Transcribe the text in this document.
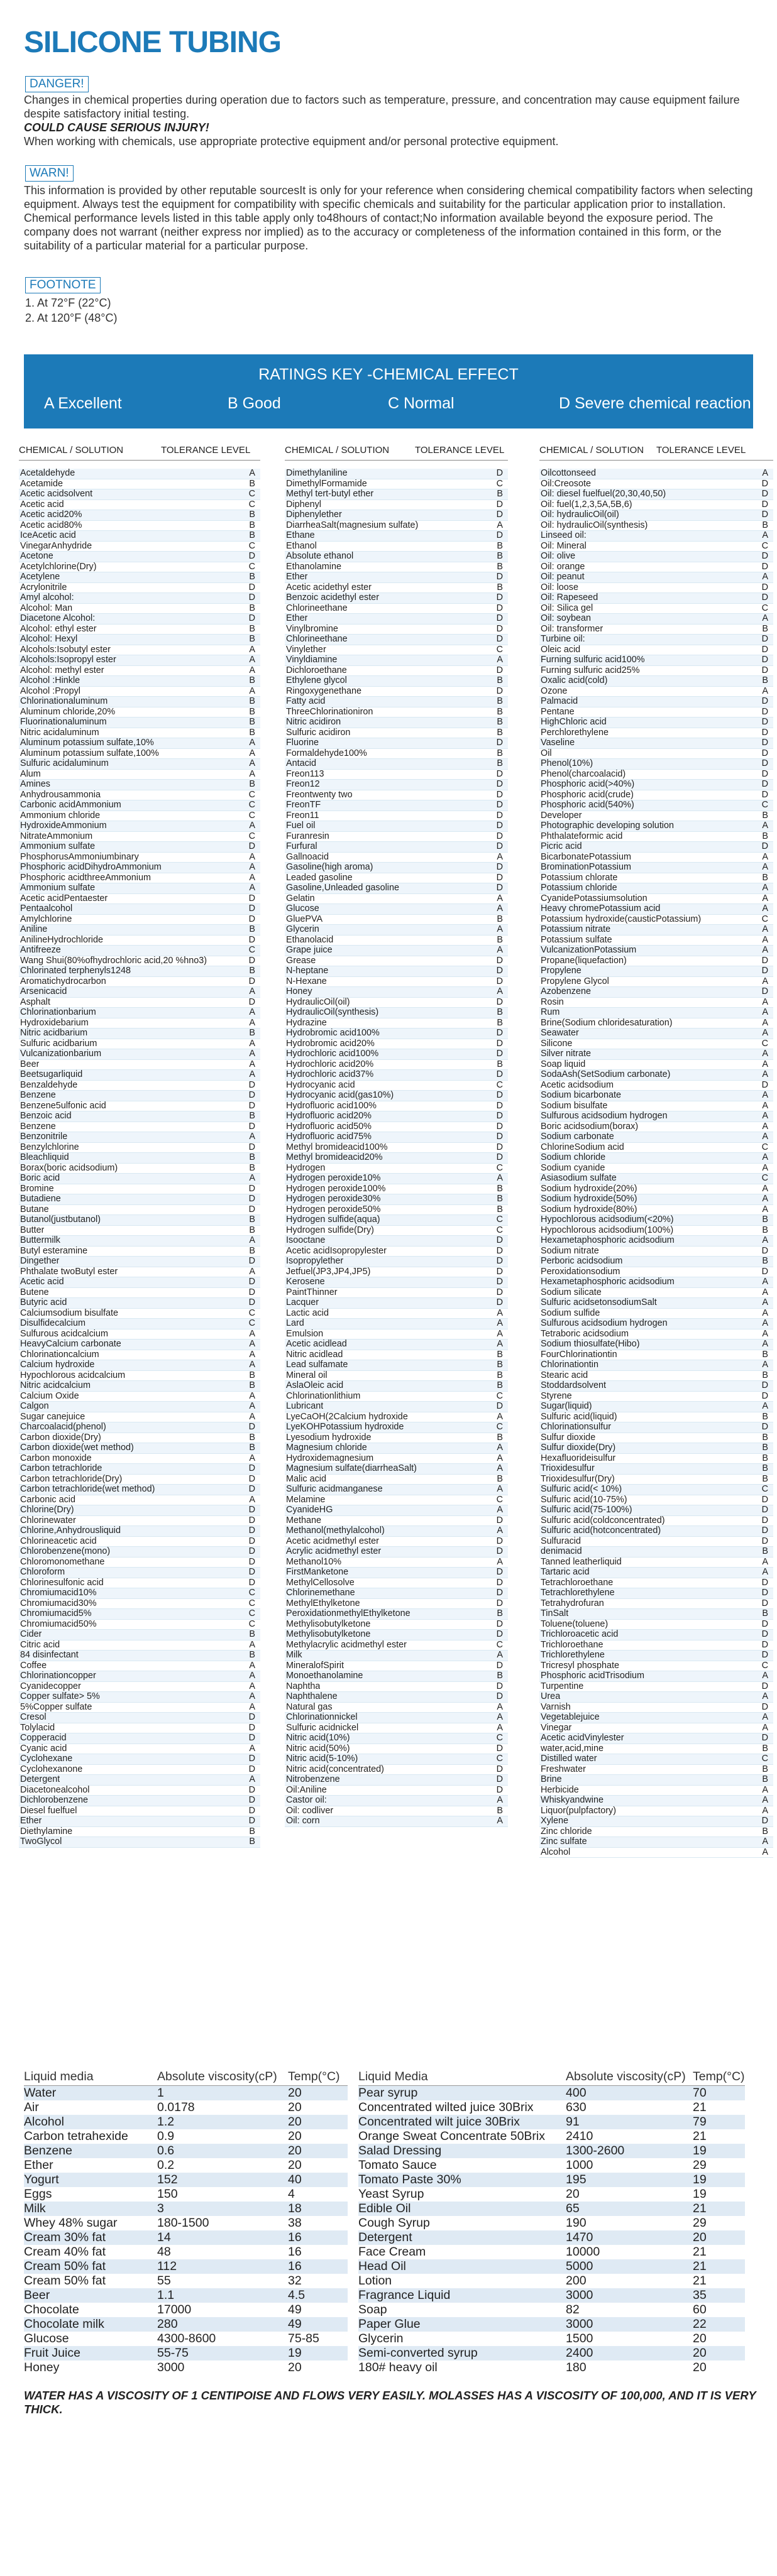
SILICONE TUBING
DANGER!
Changes in chemical properties during operation due to factors such as temperature, pressure, and concentration may cause equipment failure despite satisfactory initial testing.
COULD CAUSE SERIOUS INJURY!
When working with chemicals, use appropriate protective equipment and/or personal protective equipment.
WARN!
This information is provided by other reputable sourcesIt is only for your reference when considering chemical compatibility factors when selecting equipment. Always test the equipment for compatibility with specific chemicals and suitability for the particular application prior to installation. Chemical performance levels listed in this table apply only to48hours of contact;No information available beyond the exposure period. The company does not warrant (neither express nor implied) as to the accuracy or completeness of the information contained in this form, or the suitability of a particular material for a particular purpose.
FOOTNOTE
1. At 72°F (22°C)
2. At 120°F (48°C)
RATINGS KEY -CHEMICAL EFFECT
A Excellent	B Good	C Normal	D Severe chemical reaction
CHEMICAL / SOLUTION	TOLERANCE LEVEL	CHEMICAL / SOLUTION	TOLERANCE LEVEL	CHEMICAL / SOLUTION TOLERANCE LEVEL
Acetaldehyde	A
Acetamide	B
Acetic acidsolvent	C
Acetic acid	C
Acetic acid20%	B
Acetic acid80%	B
IceAcetic acid	B
VinegarAnhydride	C
Acetone	D
Acetylchlorine(Dry)	C
Acetylene	B
Acrylonitrile	D
Amyl alcohol:	D
Alcohol: Man	B
Diacetone Alcohol:	D
Alcohol: ethyl ester	B
Alcohol: Hexyl	B
Alcohols:Isobutyl ester	A
Alcohols:Isopropyl ester	A
Alcohol: methyl ester	A
Alcohol :Hinkle	B
Alcohol :Propyl	A
Chlorinationaluminum	B
Aluminum chloride,20%	B
Fluorinationaluminum	B
Nitric acidaluminum	B
Aluminum potassium sulfate,10%	A
Aluminum potassium sulfate,100%	A
Sulfuric acidaluminum	A
Alum	A
Amines	B
Anhydrousammonia	C
Carbonic acidAmmonium	C
Ammonium chloride	C
HydroxideAmmonium	A
NitrateAmmonium	C
Ammonium sulfate	D
PhosphorusAmmoniumbinary	A
Phosphoric acidDihydroAmmonium	A
Phosphoric acidthreeAmmonium	A
Ammonium sulfate	A
Acetic acidPentaester	D
Pentaalcohol	D
Amylchlorine	D
Aniline	B
AnilineHydrochloride	D
Antifreeze	C
Wang Shui(80%ofhydrochloric acid,20 %hno3)	D
Chlorinated terphenyls1248	B
Aromatichydrocarbon	D
Arsenicacid	A
Asphalt	D
Chlorinationbarium	A
Hydroxidebarium	A
Nitric acidbarium	B
Sulfuric acidbarium	A
Vulcanizationbarium	A
Beer	A
Beetsugarliquid	A
Benzaldehyde	D
Benzene	D
Benzene5ulfonic acid	D
Benzoic acid	B
Benzene	D
Benzonitrile	A
Benzylchlorine	D
Bleachliquid	B
Borax(boric acidsodium)	B
Boric acid	A
Bromine	D
Butadiene	D
Butane	D
Butanol(justbutanol)	B
Butter	B
Buttermilk	A
Butyl esteramine	B
Dingether	D
Phthalate twoButyl ester	A
Acetic acid	D
Butene	D
Butyric acid	D
Calciumsodium bisulfate	C
Disulfidecalcium	C
Sulfurous acidcalcium	A
HeavyCalcium carbonate	A
Chlorinationcalcium	A
Calcium hydroxide	A
Hypochlorous acidcalcium	B
Nitric acidcalcium	B
Calcium Oxide	A
Calgon	A
Sugar canejuice	A
Charcoalacid(phenol)	D
Carbon dioxide(Dry)	B
Carbon dioxide(wet method)	B
Carbon monoxide	A
Carbon tetrachloride	D
Carbon tetrachloride(Dry)	D
Carbon tetrachloride(wet method)	D
Carbonic acid	A
Chlorine(Dry)	D
Chlorinewater	D
Chlorine,Anhydrousliquid	D
Chlorineacetic acid	D
Chlorobenzene(mono)	D
Chloromonomethane	D
Chloroform	D
Chlorinesulfonic acid	D
Chromiumacid10%	C
Chromiumacid30%	C
Chromiumacid5%	C
Chromiumacid50%	C
Cider	B
Citric acid	A
84 disinfectant	B
Coffee	A
Chlorinationcopper	A
Cyanidecopper	A
Copper sulfate> 5%	A
5%Copper sulfate	A
Cresol	D
Tolylacid	D
Copperacid	D
Cyanic acid	A
Cyclohexane	D
Cyclohexanone	D
Detergent	A
Diacetonealcohol	D
Dichlorobenzene	D
Diesel fuelfuel	D
Ether	D
Diethylamine	B
TwoGlycol	B
Dimethylaniline	D
DimethylFormamide	C
Methyl tert-butyl ether	B
Diphenyl	D
Diphenylether	D
DiarrheaSalt(magnesium sulfate)	A
Ethane	D
Ethanol	B
Absolute ethanol	B
Ethanolamine	B
Ether	D
Acetic acidethyl ester	B
Benzoic acidethyl ester	D
Chlorineethane	D
Ether	D
Vinylbromine	D
Chlorineethane	D
Vinylether	C
Vinyldiamine	A
Dichloroethane	D
Ethylene glycol	B
Ringoxygenethane	D
Fatty acid	B
ThreeChlorinationiron	B
Nitric acidiron	B
Sulfuric acidiron	B
Fluorine	D
Formaldehyde100%	B
Antacid	B
Freon113	D
Freon12	D
Freontwenty two	D
FreonTF	D
Freon11	D
Fuel oil	D
Furanresin	D
Furfural	D
Gallnoacid	A
Gasoline(high aroma)	D
Leaded gasoline	D
Gasoline,Unleaded gasoline	D
Gelatin	A
Glucose	A
GluePVA	B
Glycerin	A
Ethanolacid	B
Grape juice	A
Grease	D
N-heptane	D
N-Hexane	D
Honey	A
HydraulicOil(oil)	D
HydraulicOil(synthesis)	B
Hydrazine	B
Hydrobromic acid100%	D
Hydrobromic acid20%	D
Hydrochloric acid100%	D
Hydrochloric acid20%	B
Hydrochloric acid37%	D
Hydrocyanic acid	C
Hydrocyanic acid(gas10%)	D
Hydrofluoric acid100%	D
Hydrofluoric acid20%	D
Hydrofluoric acid50%	D
Hydrofluoric acid75%	D
Methyl bromideacid100%	D
Methyl bromideacid20%	D
Hydrogen	C
Hydrogen peroxide10%	A
Hydrogen peroxide100%	B
Hydrogen peroxide30%	B
Hydrogen peroxide50%	B
Hydrogen sulfide(aqua)	C
Hydrogen sulfide(Dry)	C
Isooctane	D
Acetic acidIsopropylester	D
Isopropylether	D
Jetfuel(JP3,JP4,JP5)	D
Kerosene	D
PaintThinner	D
Lacquer	D
Lactic acid	A
Lard	A
Emulsion	A
Acetic acidlead	A
Nitric acidlead	B
Lead sulfamate	B
Mineral oil	B
AslaOleic acid	B
Chlorinationlithium	C
Lubricant	D
LyeCaOH(2Calcium hydroxide	A
LyeKOHPotassium hydroxide	C
Lyesodium hydroxide	B
Magnesium chloride	A
Hydroxidemagnesium	A
Magnesium sulfate(diarrheaSalt)	A
Malic acid	B
Sulfuric acidmanganese	A
Melamine	C
CyanideHG	A
Methane	D
Methanol(methylalcohol)	A
Acetic acidmethyl ester	D
Acrylic acidmethyl ester	D
Methanol10%	A
FirstManketone	D
MethylCellosolve	D
Chlorinemethane	D
MethylEthylketone	D
PeroxidationmethylEthylketone	B
Methylisobutylketone	D
Methylisobutylketone	D
Methylacrylic acidmethyl ester	C
Milk	A
MineralofSpirit	D
Monoethanolamine	B
Naphtha	D
Naphthalene	D
Natural gas	A
Chlorinationnickel	A
Sulfuric acidnickel	A
Nitric acid(10%)	C
Nitric acid(50%)	D
Nitric acid(5-10%)	C
Nitric acid(concentrated)	D
Nitrobenzene	D
Oil:Aniline	D
Castor oil:	A
Oil: codliver	B
Oil: corn	A
Oilcottonseed	A
Oil:Creosote	D
Oil: diesel fuelfuel(20,30,40,50)	D
Oil: fuel(1,2,3,5A,5B,6)	D
Oil: hydraulicOil(oil)	D
Oil: hydraulicOil(synthesis)	B
Linseed oil:	A
Oil: Mineral	C
Oil: olive	D
Oil: orange	D
Oil: peanut	A
Oil: loose	D
Oil: Rapeseed	D
Oil: Silica gel	C
Oil: soybean	A
Oil: transformer	B
Turbine oil:	D
Oleic acid	D
Furning sulfuric acid100%	D
Furning sulfuric acid25%	D
Oxalic acid(cold)	B
Ozone	A
Palmacid	D
Pentane	D
HighChloric acid	D
Perchlorethylene	D
Vaseline	D
Oil	D
Phenol(10%)	D
Phenol(charcoalacid)	D
Phosphoric acid(>40%)	D
Phosphoric acid(crude)	D
Phosphoric acid(540%)	C
Developer	B
Photographic developing solution	A
Phthalateformic acid	B
Picric acid	D
BicarbonatePotassium	A
BrominationPotassium	A
Potassium chlorate	B
Potassium chloride	A
CyanidePotassiumsolution	A
Heavy chromePotassium acid	A
Potassium hydroxide(causticPotassium)	C
Potassium nitrate	A
Potassium sulfate	A
VulcanizationPotassium	A
Propane(liquefaction)	D
Propylene	D
Propylene Glycol	A
Azobenzene	D
Rosin	A
Rum	A
Brine(Sodium chloridesaturation)	A
Seawater	A
Silicone	C
Silver nitrate	A
Soap liquid	A
SodaAsh(SetSodium carbonate)	A
Acetic acidsodium	D
Sodium bicarbonate	A
Sodium bisulfate	A
Sulfurous acidsodium hydrogen	A
Boric acidsodium(borax)	A
Sodium carbonate	A
ChlorineSodium acid	C
Sodium chloride	A
Sodium cyanide	A
Asiasodium sulfate	C
Sodium hydroxide(20%)	A
Sodium hydroxide(50%)	A
Sodium hydroxide(80%)	A
Hypochlorous acidsodium(<20%)	B
Hypochlorous acidsodium(100%)	B
Hexametaphosphoric acidsodium	A
Sodium nitrate	D
Perboric acidsodium	B
Peroxidationsodium	D
Hexametaphosphoric acidsodium	A
Sodium silicate	A
Sulfuric acidsetonsodiumSalt	A
Sodium sulfide	A
Sulfurous acidsodium hydrogen	A
Tetraboric acidsodium	A
Sodium thiosulfate(Hibo)	A
FourChlorinationtin	B
Chlorinationtin	A
Stearic acid	B
Stoddardsolvent	D
Styrene	D
Sugar(liquid)	A
Sulfuric acid(liquid)	B
Chlorinationsulfur	D
Sulfur dioxide	B
Sulfur dioxide(Dry)	B
Hexafluorideisulfur	B
Trioxidesulfur	B
Trioxidesulfur(Dry)	B
Sulfuric acid(< 10%)	C
Sulfuric acid(10-75%)	D
Sulfuric acid(75-100%)	D
Sulfuric acid(coldconcentrated)	D
Sulfuric acid(hotconcentrated)	D
Sulfuracid	D
denimacid	B
Tanned leatherliquid	A
Tartaric acid	A
Tetrachloroethane	D
Tetrachlorethylene	D
Tetrahydrofuran	D
TinSalt	B
Toluene(toluene)	D
Trichloroacetic acid	D
Trichloroethane	D
Trichlorethylene	D
Tricresyl phosphate	C
Phosphoric acidTrisodium	A
Turpentine	D
Urea	A
Varnish	D
Vegetablejuice	A
Vinegar	A
Acetic acidVinylester	D
water,acid,mine	B
Distilled water	C
Freshwater	B
Brine	B
Herbicide	A
Whiskyandwine	A
Liquor(pulpfactory)	A
Xylene	D
Zinc chloride	B
Zinc sulfate	A
Alcohol	A
Liquid media	Absolute viscosity(cP) Temp(°C)
Water	1	20
Air	0.0178	20
Alcohol	1.2	20
Carbon tetrahexide 0.9	20
Benzene	0.6	20
Ether	0.2	20
Yogurt	152	40
Eggs	150	4
Milk	3	18
Whey 48% sugar	180-1500	38
Cream 30% fat	14	16
Cream 40% fat	48	16
Cream 50% fat	112	16
Cream 50% fat	55	32
Beer	1.1	4.5
Chocolate	17000	49
Chocolate milk	280	49
Glucose	4300-8600	75-85
Fruit Juice	55-75	19
Honey	3000	20
Liquid Media	Absolute viscosity(cP) Temp(°C)
Pear syrup	400	70
Concentrated wilted juice 30Brix	630	21
Concentrated wilt juice 30Brix	91	79
Orange Sweat Concentrate 50Brix 2410	21
Salad Dressing	1300-2600	19
Tomato Sauce	1000	29
Tomato Paste 30%	195	19
Yeast Syrup	20	19
Edible Oil	65	21
Cough Syrup	190	29
Detergent	1470	20
Face Cream	10000	21
Head Oil	5000	21
Lotion	200	21
Fragrance Liquid	3000	35
Soap	82	60
Paper Glue	3000	22
Glycerin	1500	20
Semi-converted syrup	2400	20
180# heavy oil	180	20
WATER HAS A VISCOSITY OF 1 CENTIPOISE AND FLOWS VERY EASILY. MOLASSES HAS A VISCOSITY OF 100,000, AND IT IS VERY THICK.
